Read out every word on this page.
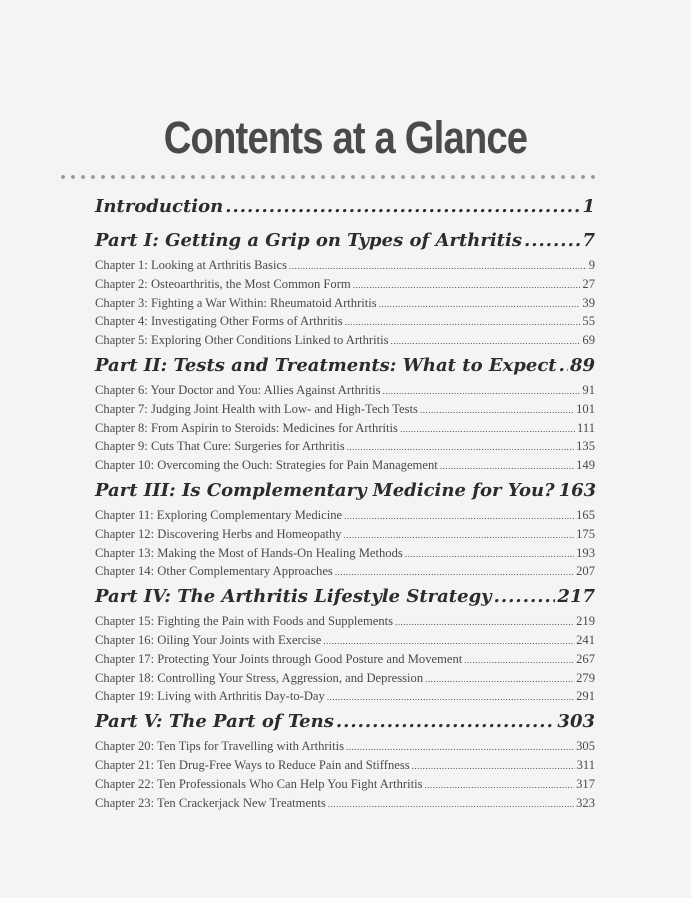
Contents at a Glance
Introduction .....	1
Part I: Getting a Grip on Types of Arthritis .....	7
Chapter 1: Looking at Arthritis Basics .....	9
Chapter 2: Osteoarthritis, the Most Common Form .....	27
Chapter 3: Fighting a War Within: Rheumatoid Arthritis .....	39
Chapter 4: Investigating Other Forms of Arthritis .....	55
Chapter 5: Exploring Other Conditions Linked to Arthritis .....	69
Part II: Tests and Treatments: What to Expect ..... 89
Chapter 6: Your Doctor and You: Allies Against Arthritis .....	91
Chapter 7: Judging Joint Health with Low- and High-Tech Tests .....	101
Chapter 8: From Aspirin to Steroids: Medicines for Arthritis .....	111
Chapter 9: Cuts That Cure: Surgeries for Arthritis .....	135
Chapter 10: Overcoming the Ouch: Strategies for Pain Management .....	149
Part III: Is Complementary Medicine for You? 163
Chapter 11: Exploring Complementary Medicine .....	165
Chapter 12: Discovering Herbs and Homeopathy .....	175
Chapter 13: Making the Most of Hands-On Healing Methods .....	193
Chapter 14: Other Complementary Approaches .....	207
Part IV: The Arthritis Lifestyle Strategy .....	217
Chapter 15: Fighting the Pain with Foods and Supplements .....	219
Chapter 16: Oiling Your Joints with Exercise .....	241
Chapter 17: Protecting Your Joints through Good Posture and Movement .....	267
Chapter 18: Controlling Your Stress, Aggression, and Depression .....	279
Chapter 19: Living with Arthritis Day-to-Day .....	291
Part V: The Part of Tens .....	303
Chapter 20: Ten Tips for Travelling with Arthritis .....	305
Chapter 21: Ten Drug-Free Ways to Reduce Pain and Stiffness .....	311
Chapter 22: Ten Professionals Who Can Help You Fight Arthritis .....	317
Chapter 23: Ten Crackerjack New Treatments .....	323
